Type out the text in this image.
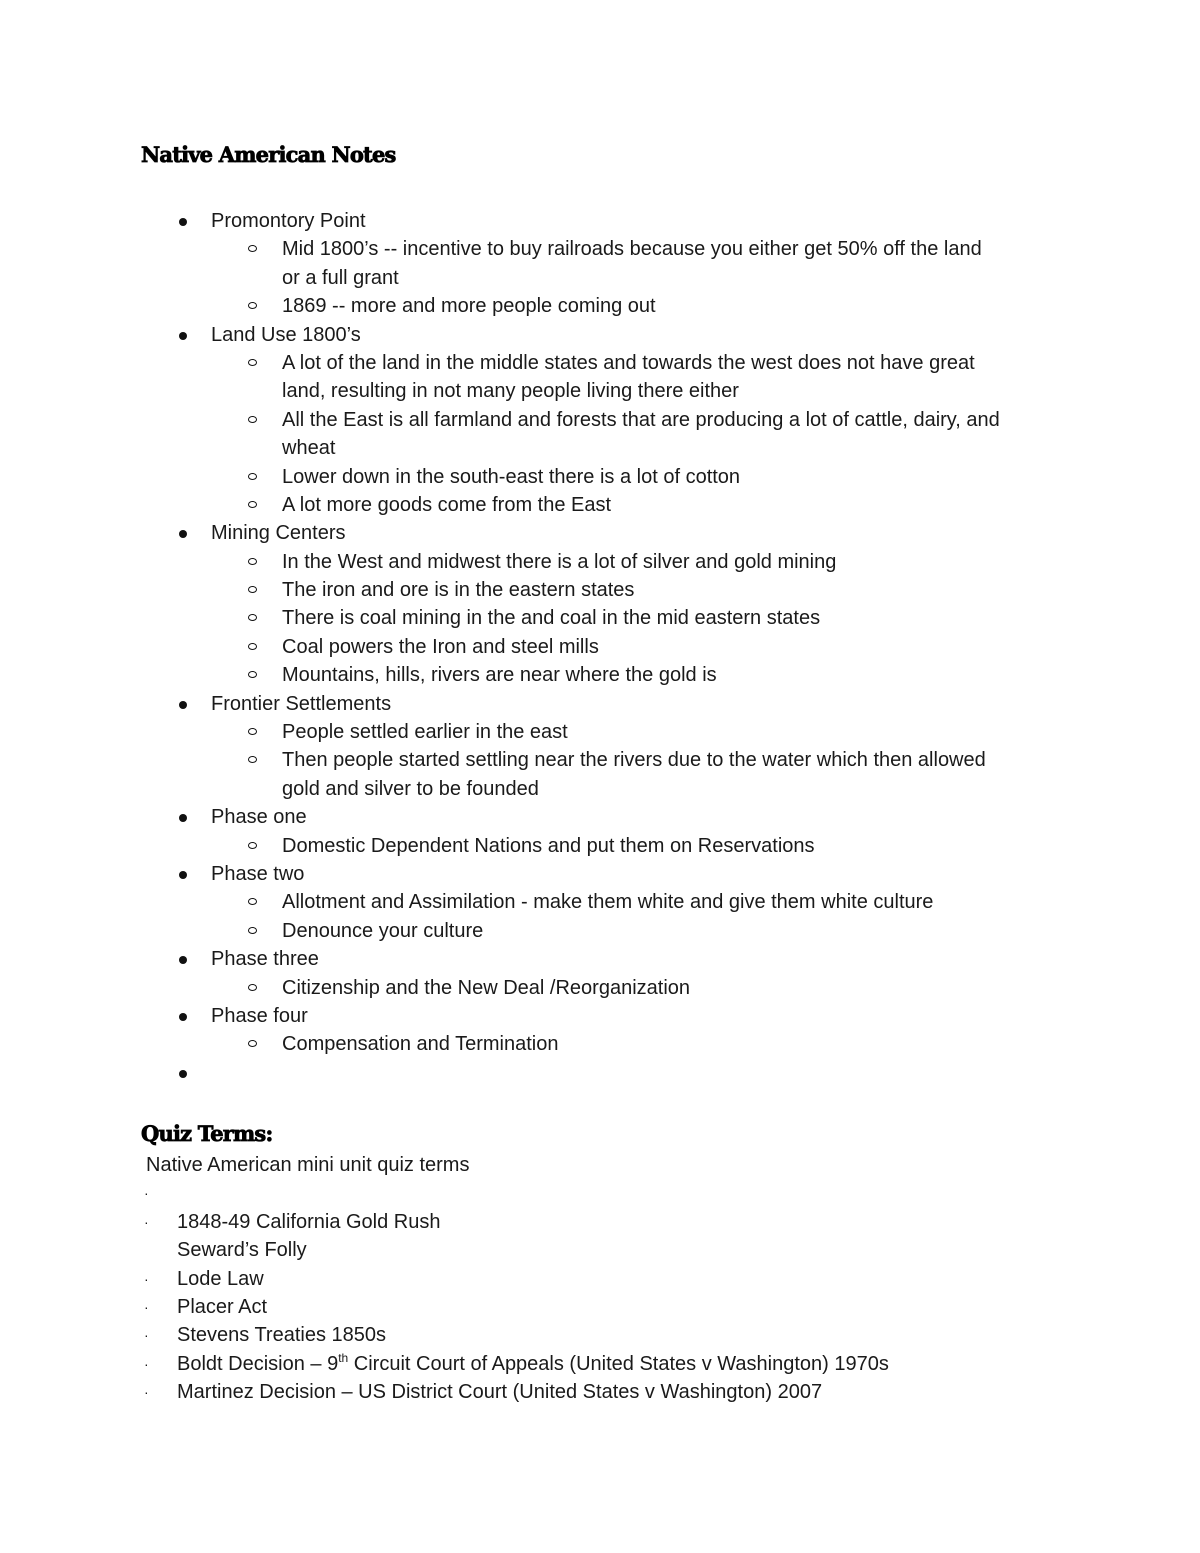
Native American Notes
Promontory Point
Mid 1800’s -- incentive to buy railroads because you either get 50% off the land
or a full grant
1869 -- more and more people coming out
Land Use 1800’s
A lot of the land in the middle states and towards the west does not have great
land, resulting in not many people living there either
All the East is all farmland and forests that are producing a lot of cattle, dairy, and
wheat
Lower down in the south-east there is a lot of cotton
A lot more goods come from the East
Mining Centers
In the West and midwest there is a lot of silver and gold mining
The iron and ore is in the eastern states
There is coal mining in the and coal in the mid eastern states
Coal powers the Iron and steel mills
Mountains, hills, rivers are near where the gold is
Frontier Settlements
People settled earlier in the east
Then people started settling near the rivers due to the water which then allowed
gold and silver to be founded
Phase one
Domestic Dependent Nations and put them on Reservations
Phase two
Allotment and Assimilation - make them white and give them white culture
Denounce your culture
Phase three
Citizenship and the New Deal /Reorganization
Phase four
Compensation and Termination
Quiz Terms:
Native American mini unit quiz terms
·
· 1848-49 California Gold Rush
Seward’s Folly
· Lode Law
· Placer Act
· Stevens Treaties 1850s
· Boldt Decision – 9th Circuit Court of Appeals (United States v Washington) 1970s
· Martinez Decision – US District Court (United States v Washington) 2007
